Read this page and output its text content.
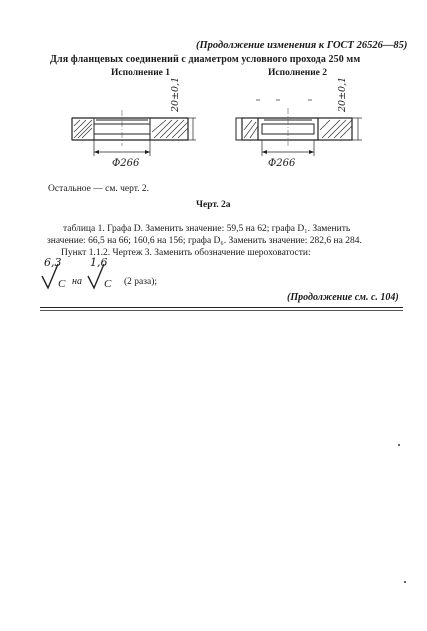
(Продолжение изменения к ГОСТ 26526—85)
Для фланцевых соединений с диаметром условного прохода 250 мм
Исполнение 1	Исполнение 2
Ф266
20±0,1
Ф266
20±0,1
Остальное — см. черт. 2.
Черт. 2а
таблица 1. Графа D. Заменить значение: 59,5 на 62; графа D₁. Заменить
значение: 66,5 на 66; 160,6 на 156; графа D₆. Заменить значение: 282,6 на 284.
Пункт 1.1.2. Чертеж 3. Заменить обозначение шероховатости:
6,3
C на
1,6
C (2 раза);
(Продолжение см. с. 104)
